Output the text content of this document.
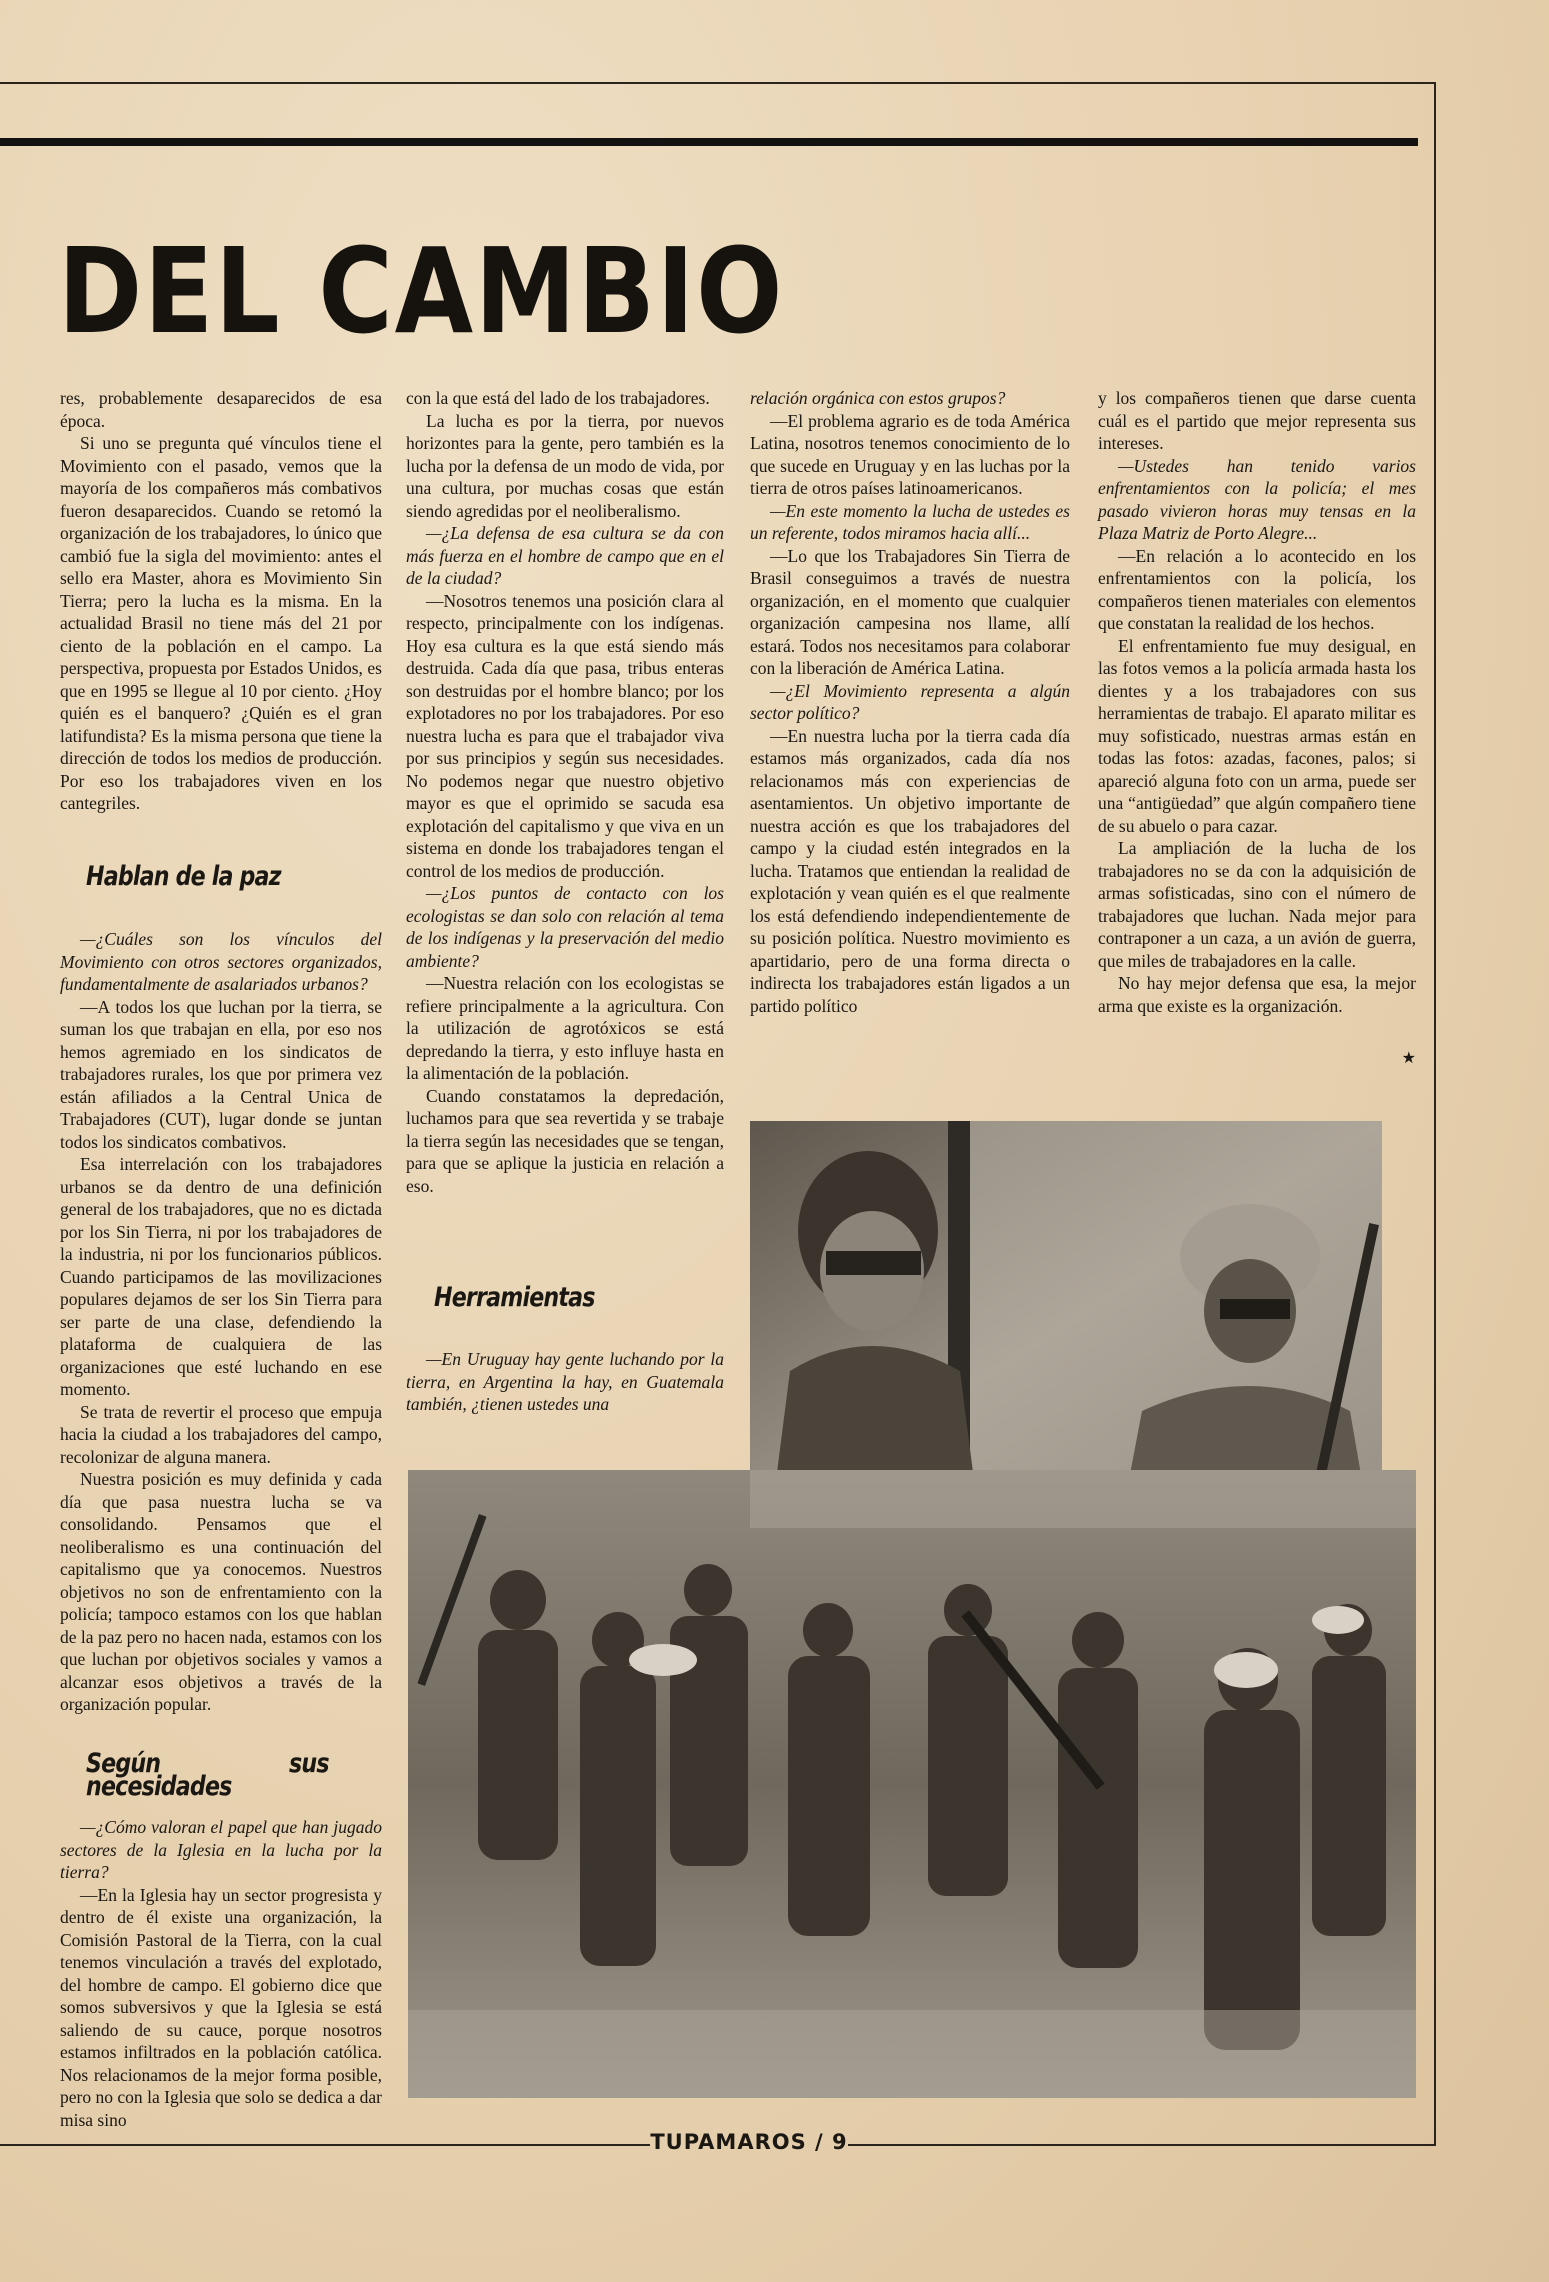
DEL CAMBIO

res, probablemente desaparecidos de esa época.

Si uno se pregunta qué vínculos tiene el Movimiento con el pasado, vemos que la mayoría de los compañeros más combativos fueron desaparecidos. Cuando se retomó la organización de los trabajadores, lo único que cambió fue la sigla del movimiento: antes el sello era Master, ahora es Movimiento Sin Tierra; pero la lucha es la misma. En la actualidad Brasil no tiene más del 21 por ciento de la población en el campo. La perspectiva, propuesta por Estados Unidos, es que en 1995 se llegue al 10 por ciento. ¿Hoy quién es el banquero? ¿Quién es el gran latifundista? Es la misma persona que tiene la dirección de todos los medios de producción. Por eso los trabajadores viven en los cantegriles.

Hablan de la paz

—¿Cuáles son los vínculos del Movimiento con otros sectores organizados, fundamentalmente de asalariados urbanos?

—A todos los que luchan por la tierra, se suman los que trabajan en ella, por eso nos hemos agremiado en los sindicatos de trabajadores rurales, los que por primera vez están afiliados a la Central Unica de Trabajadores (CUT), lugar donde se juntan todos los sindicatos combativos.

Esa interrelación con los trabajadores urbanos se da dentro de una definición general de los trabajadores, que no es dictada por los Sin Tierra, ni por los trabajadores de la industria, ni por los funcionarios públicos. Cuando participamos de las movilizaciones populares dejamos de ser los Sin Tierra para ser parte de una clase, defendiendo la plataforma de cualquiera de las organizaciones que esté luchando en ese momento.

Se trata de revertir el proceso que empuja hacia la ciudad a los trabajadores del campo, recolonizar de alguna manera.

Nuestra posición es muy definida y cada día que pasa nuestra lucha se va consolidando. Pensamos que el neoliberalismo es una continuación del capitalismo que ya conocemos. Nuestros objetivos no son de enfrentamiento con la policía; tampoco estamos con los que hablan de la paz pero no hacen nada, estamos con los que luchan por objetivos sociales y vamos a alcanzar esos objetivos a través de la organización popular.

Según sus necesidades

—¿Cómo valoran el papel que han jugado sectores de la Iglesia en la lucha por la tierra?

—En la Iglesia hay un sector progresista y dentro de él existe una organización, la Comisión Pastoral de la Tierra, con la cual tenemos vinculación a través del explotado, del hombre de campo. El gobierno dice que somos subversivos y que la Iglesia se está saliendo de su cauce, porque nosotros estamos infiltrados en la población católica. Nos relacionamos de la mejor forma posible, pero no con la Iglesia que solo se dedica a dar misa sino

con la que está del lado de los trabajadores.

La lucha es por la tierra, por nuevos horizontes para la gente, pero también es la lucha por la defensa de un modo de vida, por una cultura, por muchas cosas que están siendo agredidas por el neoliberalismo.

—¿La defensa de esa cultura se da con más fuerza en el hombre de campo que en el de la ciudad?

—Nosotros tenemos una posición clara al respecto, principalmente con los indígenas. Hoy esa cultura es la que está siendo más destruida. Cada día que pasa, tribus enteras son destruidas por el hombre blanco; por los explotadores no por los trabajadores. Por eso nuestra lucha es para que el trabajador viva por sus principios y según sus necesidades. No podemos negar que nuestro objetivo mayor es que el oprimido se sacuda esa explotación del capitalismo y que viva en un sistema en donde los trabajadores tengan el control de los medios de producción.

—¿Los puntos de contacto con los ecologistas se dan solo con relación al tema de los indígenas y la preservación del medio ambiente?

—Nuestra relación con los ecologistas se refiere principalmente a la agricultura. Con la utilización de agrotóxicos se está depredando la tierra, y esto influye hasta en la alimentación de la población.

Cuando constatamos la depredación, luchamos para que sea revertida y se trabaje la tierra según las necesidades que se tengan, para que se aplique la justicia en relación a eso.

Herramientas

—En Uruguay hay gente luchando por la tierra, en Argentina la hay, en Guatemala también, ¿tienen ustedes una

relación orgánica con estos grupos?

—El problema agrario es de toda América Latina, nosotros tenemos conocimiento de lo que sucede en Uruguay y en las luchas por la tierra de otros países latinoamericanos.

—En este momento la lucha de ustedes es un referente, todos miramos hacia allí...

—Lo que los Trabajadores Sin Tierra de Brasil conseguimos a través de nuestra organización, en el momento que cualquier organización campesina nos llame, allí estará. Todos nos necesitamos para colaborar con la liberación de América Latina.

—¿El Movimiento representa a algún sector político?

—En nuestra lucha por la tierra cada día estamos más organizados, cada día nos relacionamos más con experiencias de asentamientos. Un objetivo importante de nuestra acción es que los trabajadores del campo y la ciudad estén integrados en la lucha. Tratamos que entiendan la realidad de explotación y vean quién es el que realmente los está defendiendo independientemente de su posición política. Nuestro movimiento es apartidario, pero de una forma directa o indirecta los trabajadores están ligados a un partido político

y los compañeros tienen que darse cuenta cuál es el partido que mejor representa sus intereses.

—Ustedes han tenido varios enfrentamientos con la policía; el mes pasado vivieron horas muy tensas en la Plaza Matriz de Porto Alegre...

—En relación a lo acontecido en los enfrentamientos con la policía, los compañeros tienen materiales con elementos que constatan la realidad de los hechos.

El enfrentamiento fue muy desigual, en las fotos vemos a la policía armada hasta los dientes y a los trabajadores con sus herramientas de trabajo. El aparato militar es muy sofisticado, nuestras armas están en todas las fotos: azadas, facones, palos; si apareció alguna foto con un arma, puede ser una “antigüedad” que algún compañero tiene de su abuelo o para cazar.

La ampliación de la lucha de los trabajadores no se da con la adquisición de armas sofisticadas, sino con el número de trabajadores que luchan. Nada mejor para contraponer a un caza, a un avión de guerra, que miles de trabajadores en la calle.

No hay mejor defensa que esa, la mejor arma que existe es la organización.

★
TUPAMAROS / 9
